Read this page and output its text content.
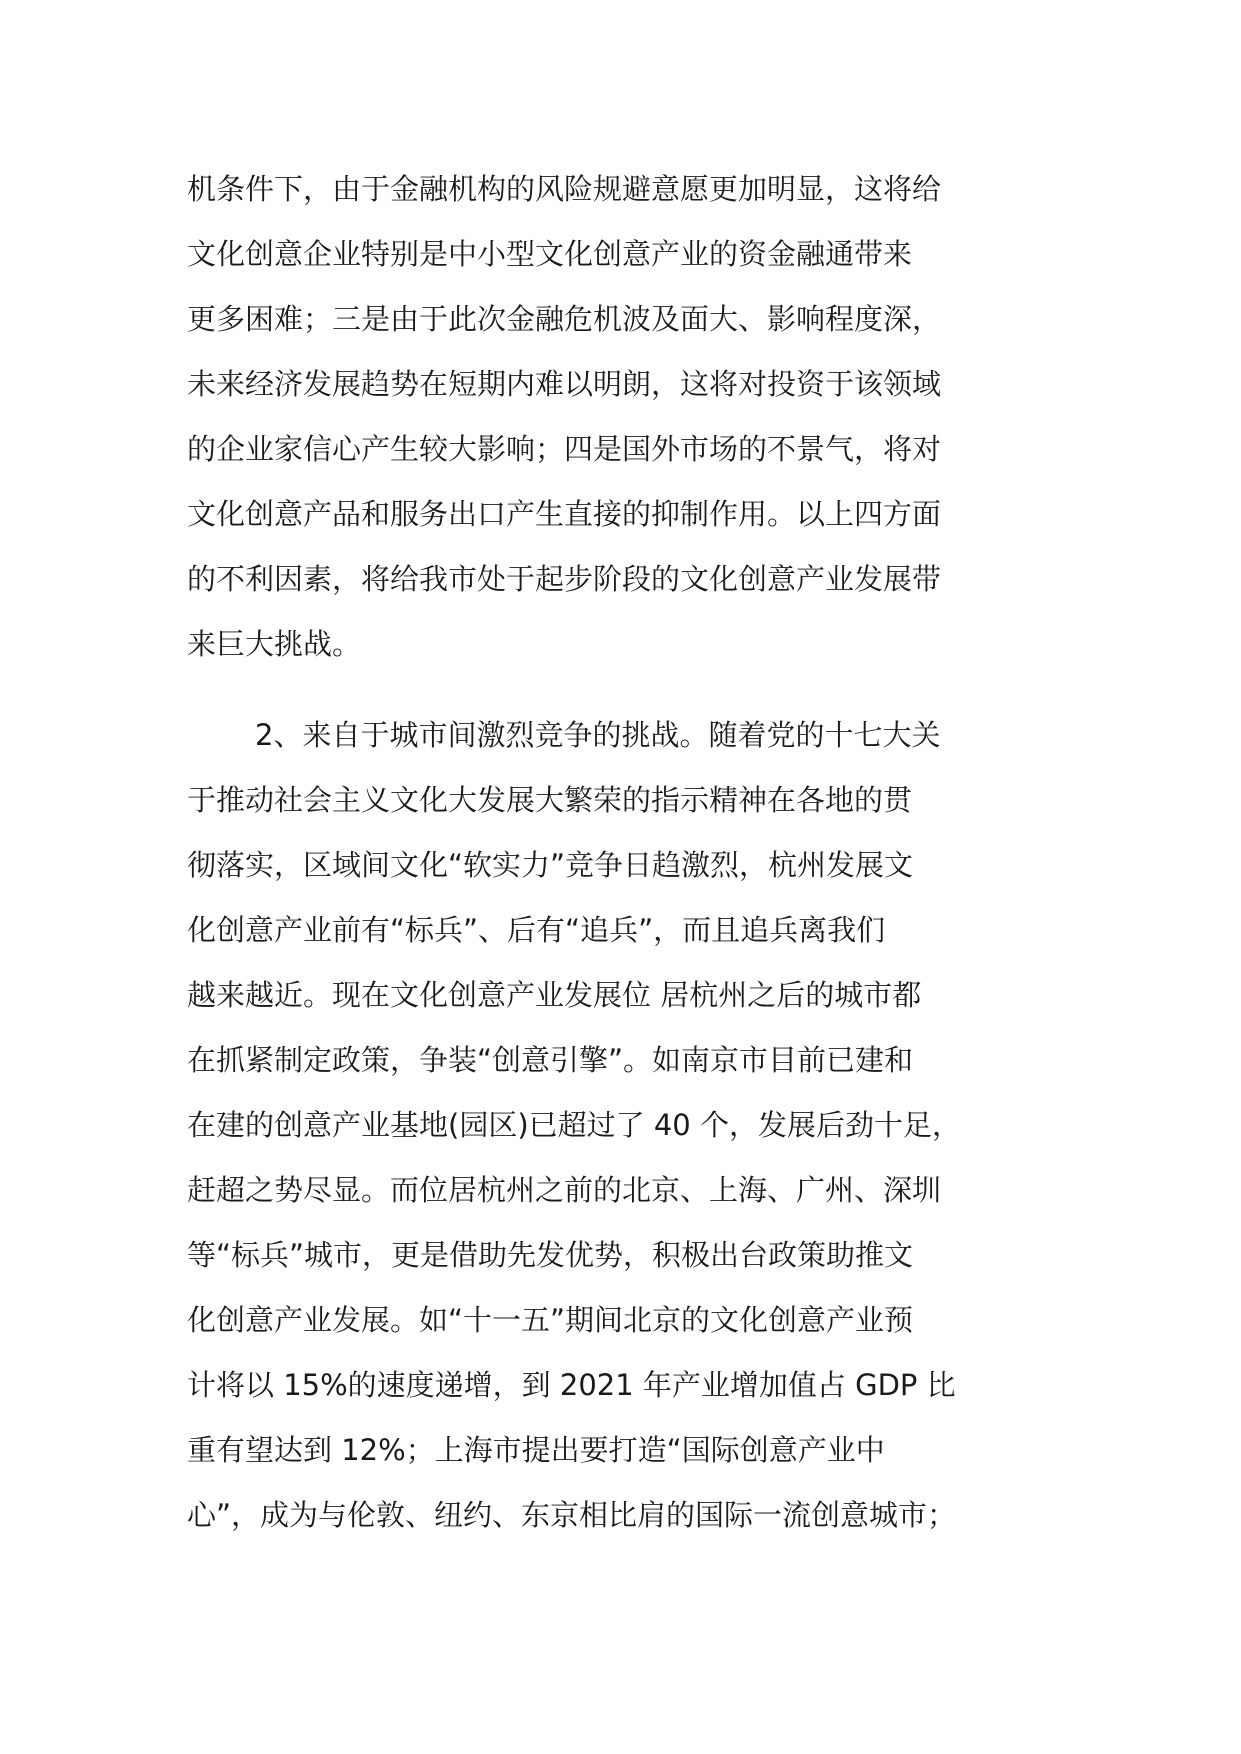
机条件下，由于金融机构的风险规避意愿更加明显，这将给
文化创意企业特别是中小型文化创意产业的资金融通带来
更多困难；三是由于此次金融危机波及面大、影响程度深，
未来经济发展趋势在短期内难以明朗，这将对投资于该领域
的企业家信心产生较大影响；四是国外市场的不景气，将对
文化创意产品和服务出口产生直接的抑制作用。以上四方面
的不利因素，将给我市处于起步阶段的文化创意产业发展带
来巨大挑战。
2、来自于城市间激烈竞争的挑战。随着党的十七大关
于推动社会主义文化大发展大繁荣的指示精神在各地的贯
彻落实，区域间文化“软实力”竞争日趋激烈，杭州发展文
化创意产业前有“标兵”、后有“追兵”，而且追兵离我们
越来越近。现在文化创意产业发展位 居杭州之后的城市都
在抓紧制定政策，争装“创意引擎”。如南京市目前已建和
在建的创意产业基地(园区)已超过了 40 个，发展后劲十足，
赶超之势尽显。而位居杭州之前的北京、上海、广州、深圳
等“标兵”城市，更是借助先发优势，积极出台政策助推文
化创意产业发展。如“十一五”期间北京的文化创意产业预
计将以 15%的速度递增，到 2021 年产业增加值占 GDP 比
重有望达到 12%；上海市提出要打造“国际创意产业中
心”，成为与伦敦、纽约、东京相比肩的国际一流创意城市；
